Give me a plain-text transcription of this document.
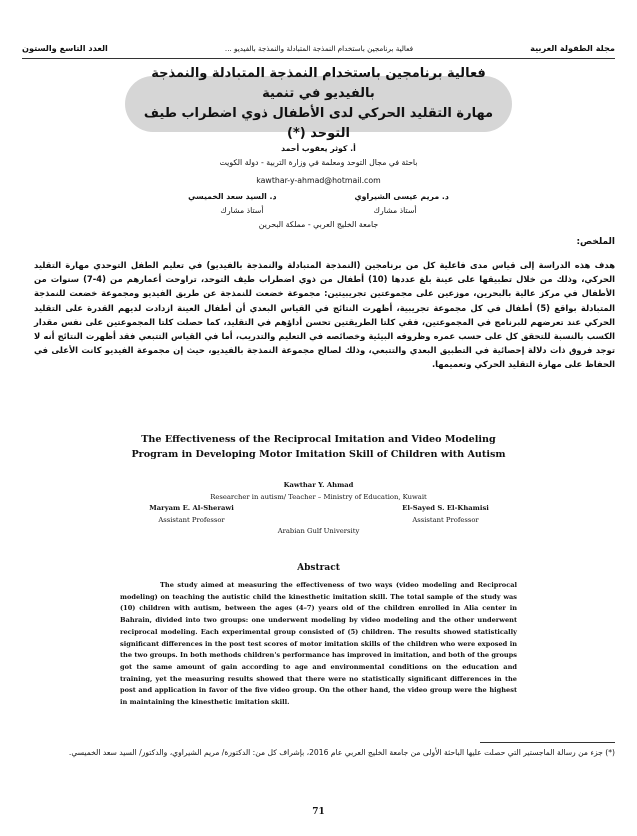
مجلة الطفولة العربية
فعالية برنامجين باستخدام النمذجة المتبادلة والنمذجة بالفيديو ...
العدد التاسع والستون
فعالية برنامجين باستخدام النمذجة المتبادلة والنمذجة بالفيديو في تنمية
مهارة التقليد الحركي لدى الأطفال ذوي اضطراب طيف التوحد (*)
أ. كوثر يعقوب أحمد
باحثة في مجال التوحد ومعلمة في وزارة التربية - دولة الكويت
kawthar-y-ahmad@hotmail.com
د. مريم عيسى الشيراوي
د. السيد سعد الخميسي
أستاذ مشارك
أستاذ مشارك
جامعة الخليج العربي - مملكة البحرين
الملخص:
هدف هذه الدراسة إلى قياس مدى فاعلية كل من برنامجين (النمذجة المتبادلة والنمذجة بالفيديو) في تعليم الطفل التوحدي مهارة التقليد الحركي، وذلك من خلال تطبيقها على عينة بلغ عددها (10) أطفال من ذوي اضطراب طيف التوحد، تراوحت أعمارهم من (4-7) سنوات من الأطفال في مركز عالية بالبحرين، موزعين على مجموعتين تجريبيتين: مجموعة خضعت للنمذجة عن طريق الفيديو ومجموعة خضعت للنمذجة المتبادلة بواقع (5) أطفال في كل مجموعة تجريبية، أظهرت النتائج في القياس البعدي أن أطفال العينة ازدادت لديهم القدرة على التقليد الحركي عند تعرضهم للبرنامج في المجموعتين، فقي كلتا الطريقتين تحسن أداؤهم في التقليد، كما حصلت كلتا المجموعتين على نفس مقدار الكسب بالنسبة للتحقق كل على حسب عمره وظروفه البيئية وخصائصه في التعليم والتدريب، أما في القياس التتبعي فقد أظهرت النتائج أنه لا توجد فروق ذات دلالة إحصائية في التطبيق البعدي والتتبعي، وذلك لصالح مجموعة النمذجة بالفيديو، حيث إن مجموعة الفيديو كانت الأعلى في الحفاظ على مهارة التقليد الحركي وتعميمها.
The Effectiveness of the Reciprocal Imitation and Video Modeling
Program in Developing Motor Imitation Skill of Children with Autism
Kawthar Y. Ahmad
Researcher in autism/ Teacher – Ministry of Education, Kuwait
Maryam E. Al-Sherawi	El-Sayed S. El-Khamisi
Assistant Professor	Assistant Professor
Arabian Gulf University
Abstract

The study aimed at measuring the effectiveness of two ways (video modeling and Reciprocal modeling) on teaching the autistic child the kinesthetic imitation skill. The total sample of the study was (10) children with autism, between the ages (4–7) years old of the children enrolled in Alia center in Bahrain, divided into two groups: one underwent modeling by video modeling and the other underwent reciprocal modeling. Each experimental group consisted of (5) children. The results showed statistically significant differences in the post test scores of motor imitation skills of the children who were exposed in the two groups. In both methods children's performance has improved in imitation, and both of the groups got the same amount of gain according to age and environmental conditions on the education and training, yet the measuring results showed that there were no statistically significant differences in the post and application in favor of the five video group. On the other hand, the video group were the highest in maintaining the kinesthetic imitation skill.

(*) جزء من رسالة الماجستير التي حصلت عليها الباحثة الأولى من جامعة الخليج العربي عام 2016، بإشراف كل من: الدكتورة/ مريم الشيراوي، والدكتور/ السيد سعد الخميسي.
71
